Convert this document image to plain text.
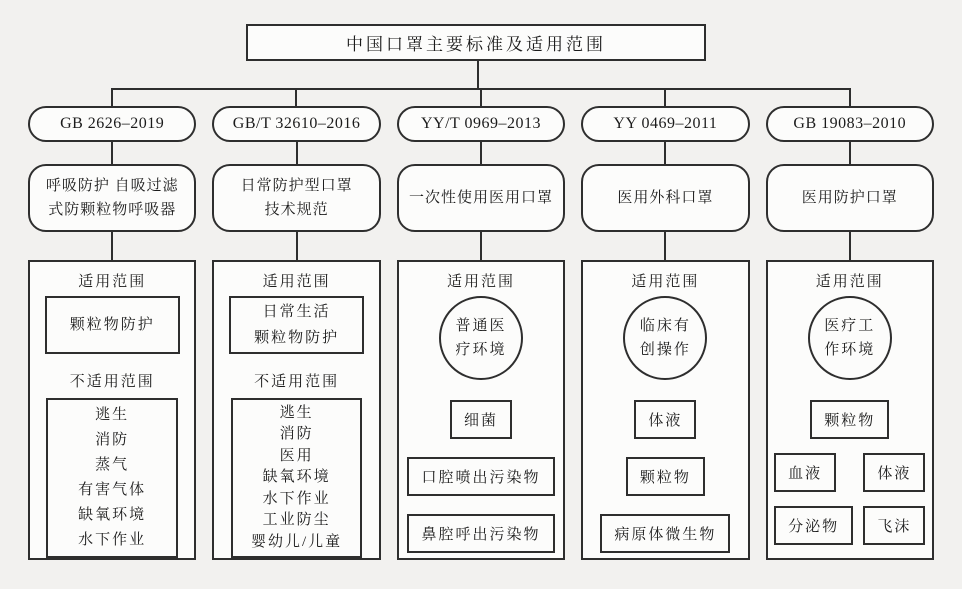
中国口罩主要标准及适用范围
GB 2626–2019
呼吸防护 自吸过滤
式防颗粒物呼吸器
适用范围
颗粒物防护
不适用范围
逃生
消防
蒸气
有害气体
缺氧环境
水下作业
GB/T 32610–2016
日常防护型口罩
技术规范
适用范围
日常生活
颗粒物防护
不适用范围
逃生
消防
医用
缺氧环境
水下作业
工业防尘
婴幼儿/儿童
YY/T 0969–2013
一次性使用医用口罩
适用范围
普通医
疗环境
细菌
口腔喷出污染物
鼻腔呼出污染物
YY 0469–2011
医用外科口罩
适用范围
临床有
创操作
体液
颗粒物
病原体微生物
GB 19083–2010
医用防护口罩
适用范围
医疗工
作环境
颗粒物
血液	体液
分泌物	飞沫
